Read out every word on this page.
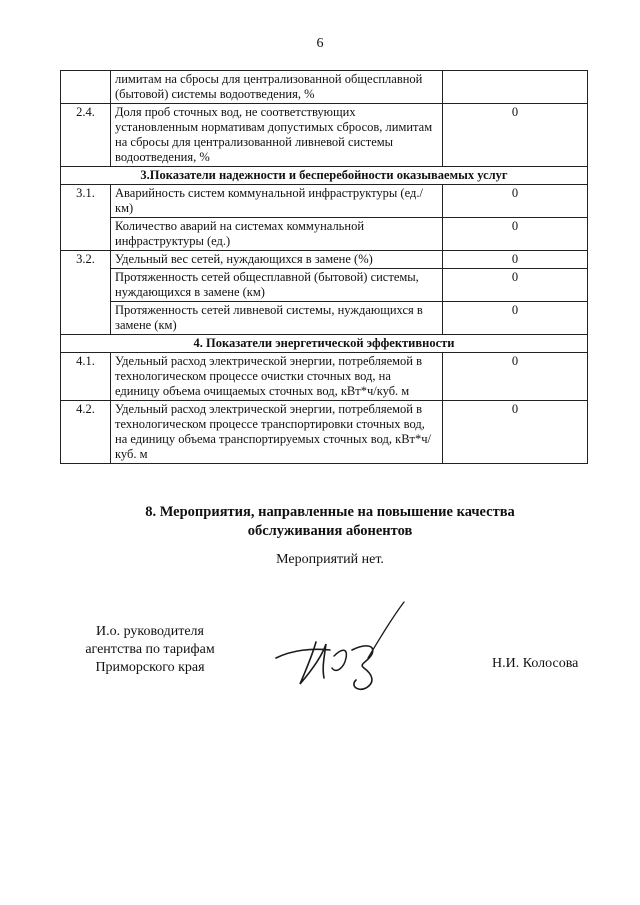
6
	лимитам на сбросы для централизованной общесплавной (бытовой) системы водоотведения, %	
2.4.	Доля проб сточных вод, не соответствующих установленным нормативам допустимых сбросов, лимитам на сбросы для централизованной ливневой системы водоотведения, %	0
3.Показатели надежности и бесперебойности оказываемых услуг		
3.1.	Аварийность систем коммунальной инфраструктуры (ед./км)	0
	Количество аварий на системах коммунальной инфраструктуры (ед.)	0
3.2.	Удельный вес сетей, нуждающихся в замене (%)	0
	Протяженность сетей общесплавной (бытовой) системы, нуждающихся в замене (км)	0
	Протяженность сетей ливневой системы, нуждающихся в замене (км)	0
4. Показатели энергетической эффективности		
4.1.	Удельный расход электрической энергии, потребляемой в технологическом процессе очистки сточных вод, на единицу объема очищаемых сточных вод, кВт*ч/куб. м	0
4.2.	Удельный расход электрической энергии, потребляемой в технологическом процессе транспортировки сточных вод, на единицу объема транспортируемых сточных вод, кВт*ч/куб. м	0
8. Мероприятия, направленные на повышение качества
обслуживания абонентов
Мероприятий нет.
И.о. руководителя
агентства по тарифам
Приморского края	Н.И. Колосова
